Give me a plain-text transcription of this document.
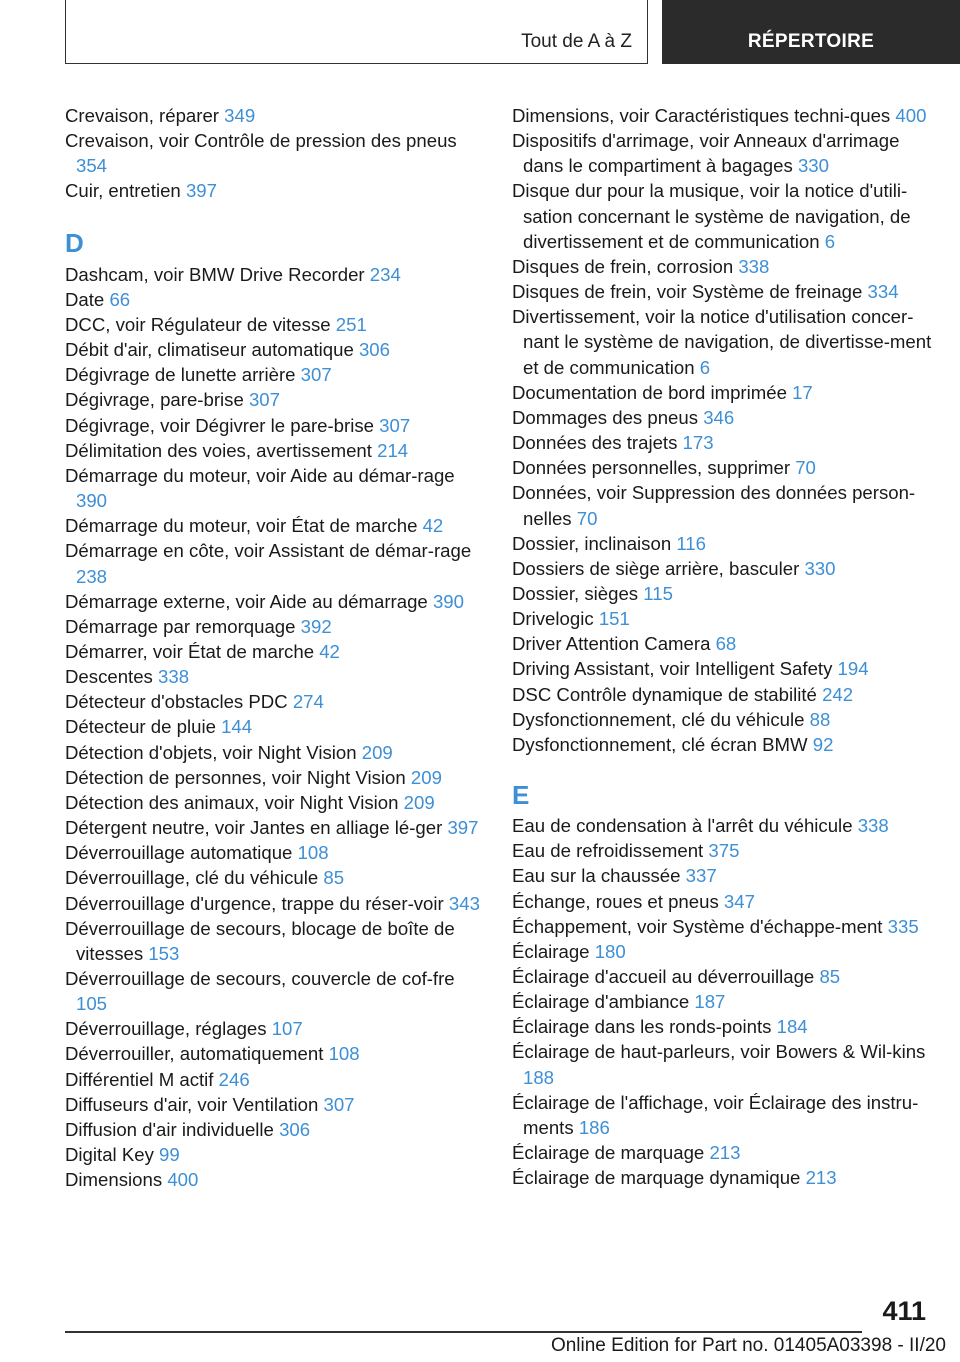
Tout de A à Z	RÉPERTOIRE

Crevaison, réparer 349

Crevaison, voir Contrôle de pression des pneus 354

Cuir, entretien 397

D

Dashcam, voir BMW Drive Recorder 234

Date 66

DCC, voir Régulateur de vitesse 251

Débit d'air, climatiseur automatique 306

Dégivrage de lunette arrière 307

Dégivrage, pare-brise 307

Dégivrage, voir Dégivrer le pare-brise 307

Délimitation des voies, avertissement 214

Démarrage du moteur, voir Aide au démar-rage 390

Démarrage du moteur, voir État de marche 42

Démarrage en côte, voir Assistant de démar-rage 238

Démarrage externe, voir Aide au démarrage 390

Démarrage par remorquage 392

Démarrer, voir État de marche 42

Descentes 338

Détecteur d'obstacles PDC 274

Détecteur de pluie 144

Détection d'objets, voir Night Vision 209

Détection de personnes, voir Night Vision 209

Détection des animaux, voir Night Vision 209

Détergent neutre, voir Jantes en alliage lé-ger 397

Déverrouillage automatique 108

Déverrouillage, clé du véhicule 85

Déverrouillage d'urgence, trappe du réser-voir 343

Déverrouillage de secours, blocage de boîte de vitesses 153

Déverrouillage de secours, couvercle de cof-fre 105

Déverrouillage, réglages 107

Déverrouiller, automatiquement 108

Différentiel M actif 246

Diffuseurs d'air, voir Ventilation 307

Diffusion d'air individuelle 306

Digital Key 99

Dimensions 400

Dimensions, voir Caractéristiques techni-ques 400

Dispositifs d'arrimage, voir Anneaux d'arrimage dans le compartiment à bagages 330

Disque dur pour la musique, voir la notice d'utili-sation concernant le système de navigation, de divertissement et de communication 6

Disques de frein, corrosion 338

Disques de frein, voir Système de freinage 334

Divertissement, voir la notice d'utilisation concer-nant le système de navigation, de divertisse-ment et de communication 6

Documentation de bord imprimée 17

Dommages des pneus 346

Données des trajets 173

Données personnelles, supprimer 70

Données, voir Suppression des données person-nelles 70

Dossier, inclinaison 116

Dossiers de siège arrière, basculer 330

Dossier, sièges 115

Drivelogic 151

Driver Attention Camera 68

Driving Assistant, voir Intelligent Safety 194

DSC Contrôle dynamique de stabilité 242

Dysfonctionnement, clé du véhicule 88

Dysfonctionnement, clé écran BMW 92

E

Eau de condensation à l'arrêt du véhicule 338

Eau de refroidissement 375

Eau sur la chaussée 337

Échange, roues et pneus 347

Échappement, voir Système d'échappe-ment 335

Éclairage 180

Éclairage d'accueil au déverrouillage 85

Éclairage d'ambiance 187

Éclairage dans les ronds-points 184

Éclairage de haut-parleurs, voir Bowers & Wil-kins 188

Éclairage de l'affichage, voir Éclairage des instru-ments 186

Éclairage de marquage 213

Éclairage de marquage dynamique 213

411
Online Edition for Part no. 01405A03398 - II/20
